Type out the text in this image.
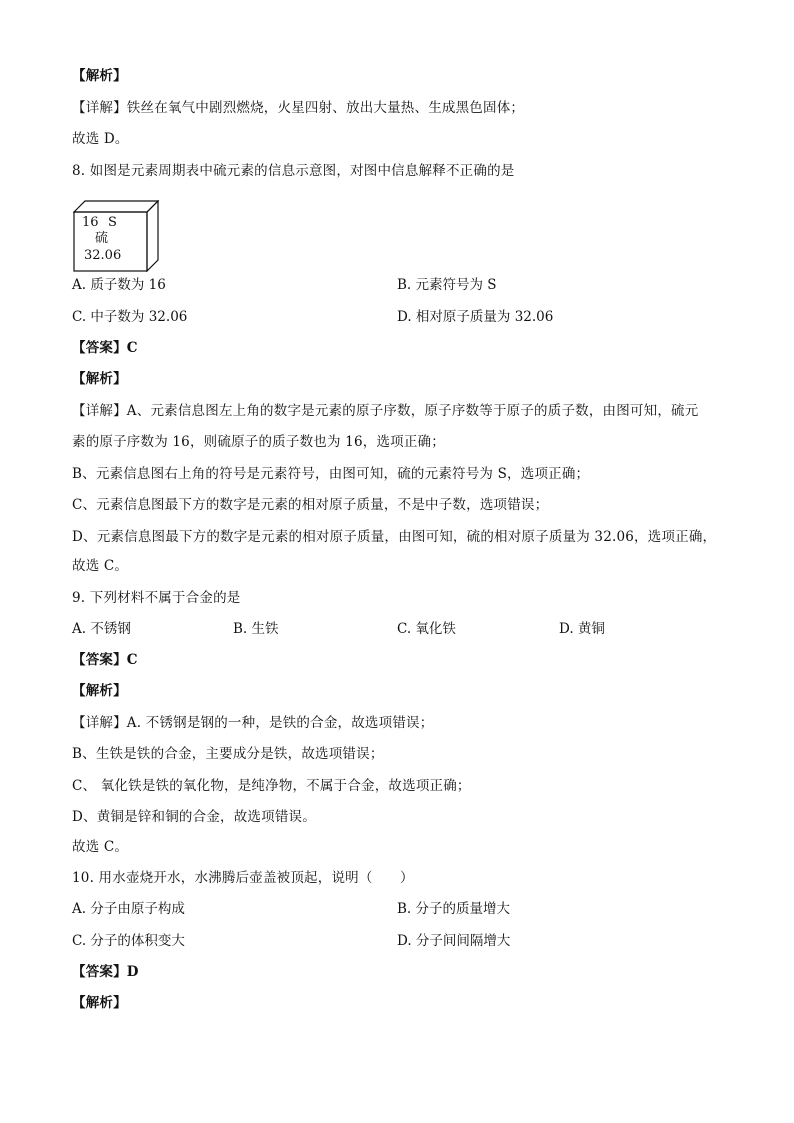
【解析】
【详解】铁丝在氧气中剧烈燃烧，火星四射、放出大量热、生成黑色固体；
故选 D。
8. 如图是元素周期表中硫元素的信息示意图，对图中信息解释不正确的是
16 S
硫
32.06
A. 质子数为 16	B. 元素符号为 S
C. 中子数为 32.06	D. 相对原子质量为 32.06
【答案】C
【解析】
【详解】A、元素信息图左上角的数字是元素的原子序数，原子序数等于原子的质子数，由图可知，硫元
素的原子序数为 16，则硫原子的质子数也为 16，选项正确；
B、元素信息图右上角的符号是元素符号，由图可知，硫的元素符号为 S，选项正确；
C、元素信息图最下方的数字是元素的相对原子质量，不是中子数，选项错误；
D、元素信息图最下方的数字是元素的相对原子质量，由图可知，硫的相对原子质量为 32.06，选项正确，
故选 C。
9. 下列材料不属于合金的是
A. 不锈钢	B. 生铁	C. 氧化铁	D. 黄铜
【答案】C
【解析】
【详解】A. 不锈钢是钢的一种，是铁的合金，故选项错误；
B、生铁是铁的合金，主要成分是铁，故选项错误；
C、 氧化铁是铁的氧化物，是纯净物，不属于合金，故选项正确；
D、黄铜是锌和铜的合金，故选项错误。
故选 C。
10. 用水壶烧开水，水沸腾后壶盖被顶起，说明（　　）
A. 分子由原子构成	B. 分子的质量增大
C. 分子的体积变大	D. 分子间间隔增大
【答案】D
【解析】
